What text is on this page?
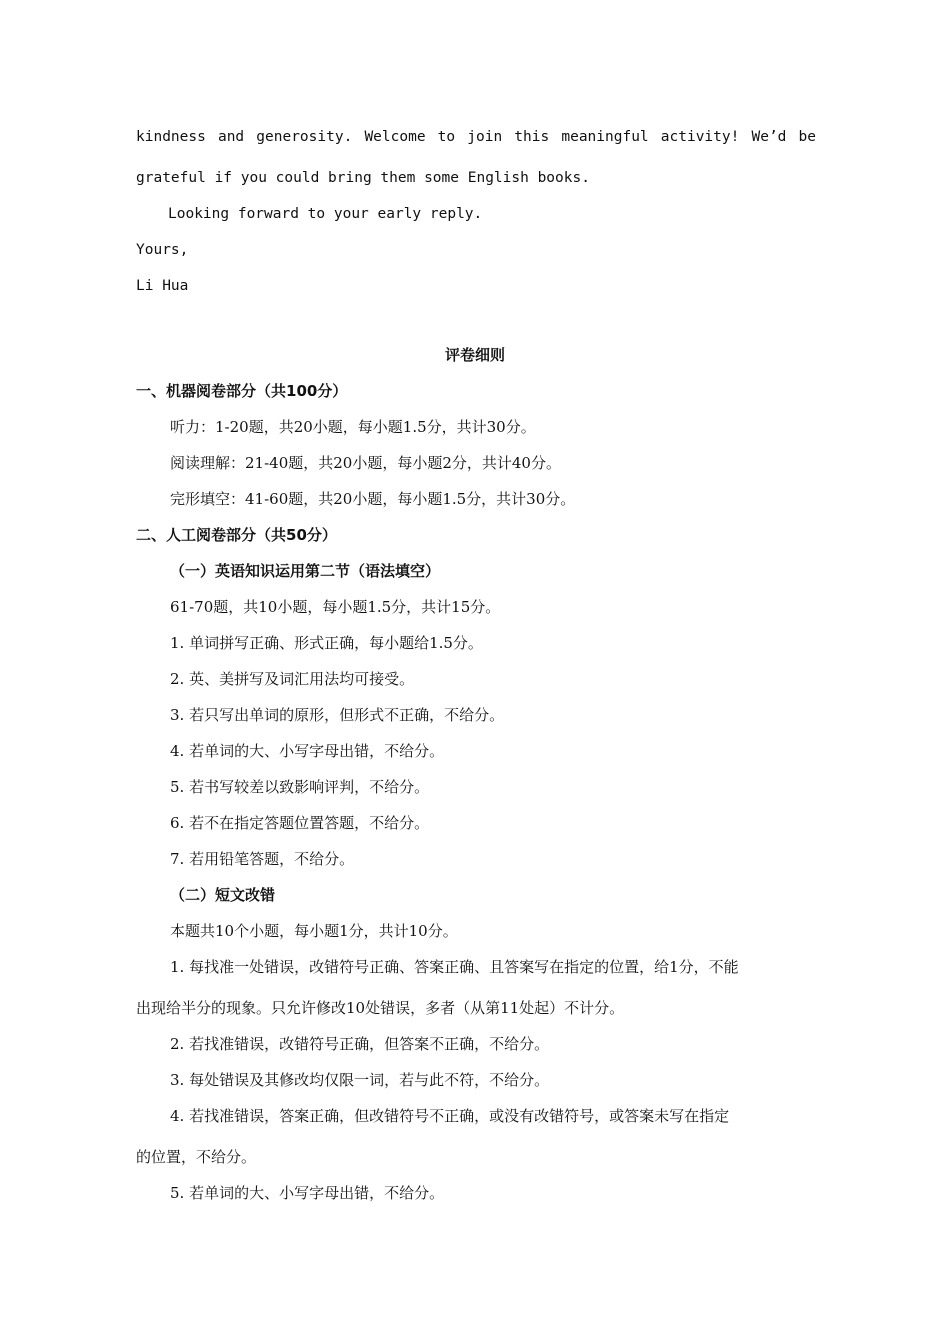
kindness and generosity. Welcome to join this meaningful activity! We’d be
grateful if you could bring them some English books.
Looking forward to your early reply.
Yours,
Li Hua
评卷细则
一、机器阅卷部分（共100分）
听力：1-20题，共20小题，每小题1.5分，共计30分。
阅读理解：21-40题，共20小题，每小题2分，共计40分。
完形填空：41-60题，共20小题，每小题1.5分，共计30分。
二、人工阅卷部分（共50分）
（一）英语知识运用第二节（语法填空）
61-70题，共10小题，每小题1.5分，共计15分。
1. 单词拼写正确、形式正确，每小题给1.5分。
2. 英、美拼写及词汇用法均可接受。
3. 若只写出单词的原形，但形式不正确，不给分。
4. 若单词的大、小写字母出错，不给分。
5. 若书写较差以致影响评判，不给分。
6. 若不在指定答题位置答题，不给分。
7. 若用铅笔答题，不给分。
（二）短文改错
本题共10个小题，每小题1分，共计10分。
1. 每找准一处错误，改错符号正确、答案正确、且答案写在指定的位置，给1分，不能
出现给半分的现象。只允许修改10处错误，多者（从第11处起）不计分。
2. 若找准错误，改错符号正确，但答案不正确，不给分。
3. 每处错误及其修改均仅限一词，若与此不符，不给分。
4. 若找准错误，答案正确，但改错符号不正确，或没有改错符号，或答案未写在指定
的位置，不给分。
5. 若单词的大、小写字母出错，不给分。
